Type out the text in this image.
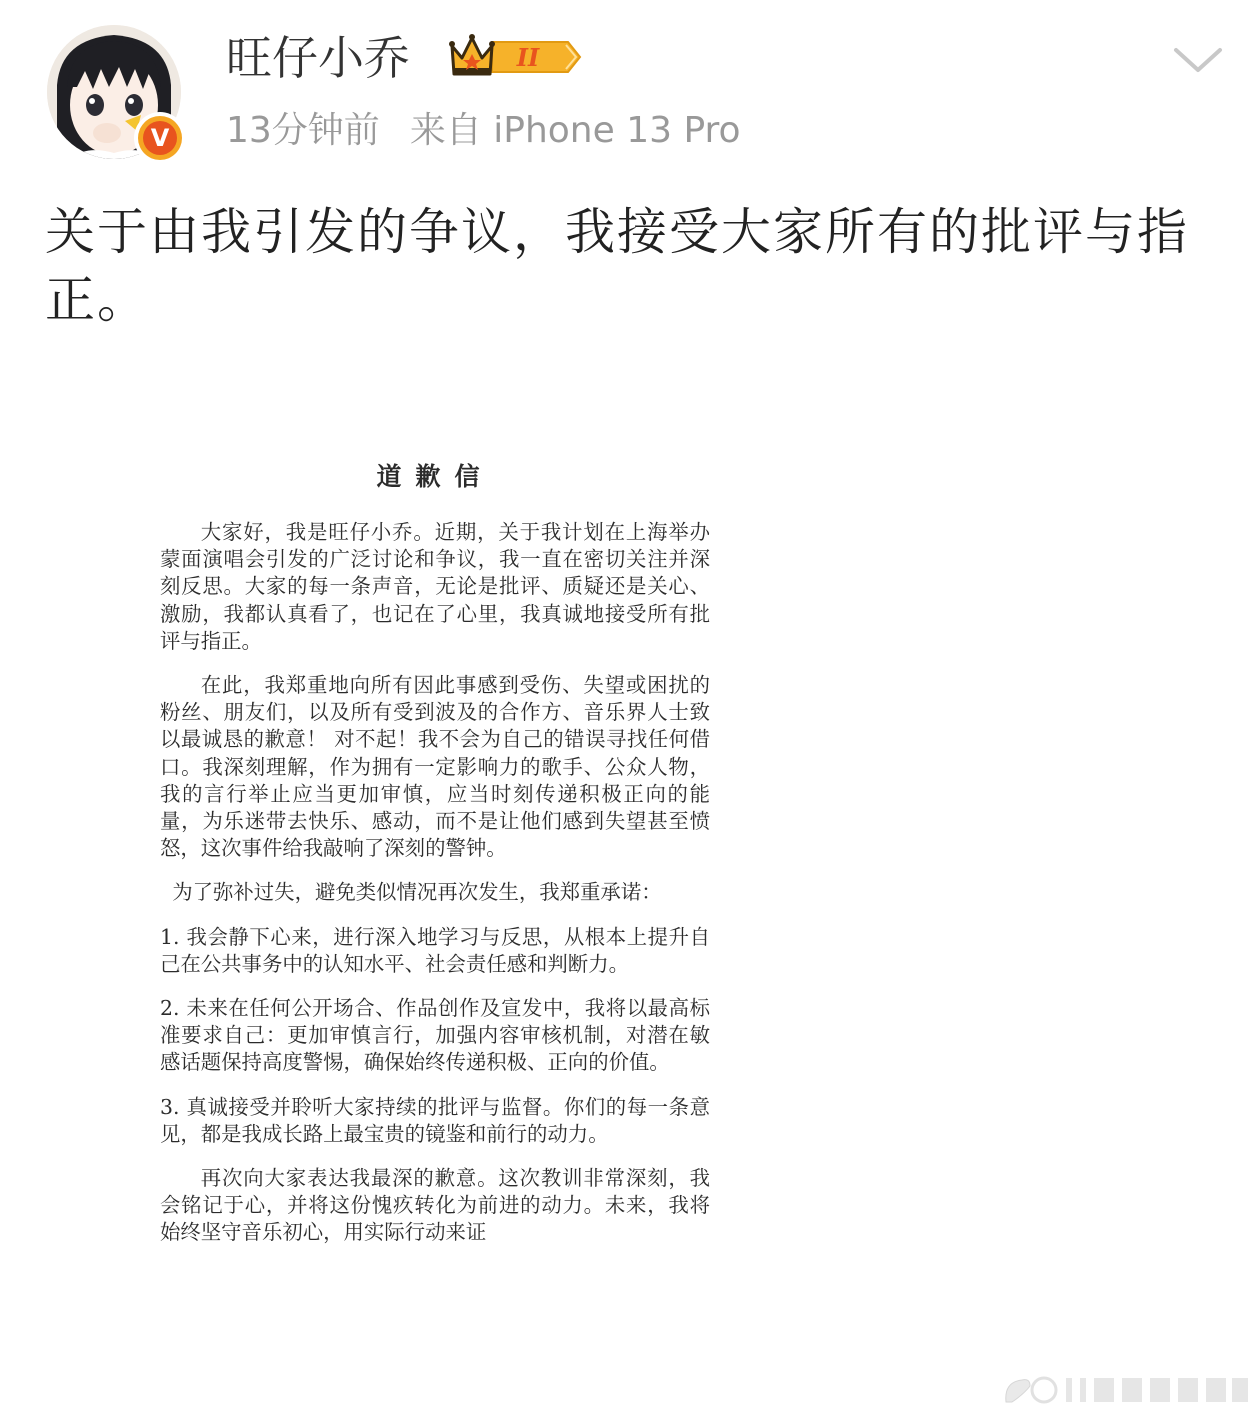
V
旺仔小乔	II
13分钟前 来自 iPhone 13 Pro
关于由我引发的争议，我接受大家所有的批评与指正。
道歉信

大家好，我是旺仔小乔。近期，关于我计划在上海举办蒙面演唱会引发的广泛讨论和争议，我一直在密切关注并深刻反思。大家的每一条声音，无论是批评、质疑还是关心、激励，我都认真看了，也记在了心里，我真诚地接受所有批评与指正。

在此，我郑重地向所有因此事感到受伤、失望或困扰的粉丝、朋友们，以及所有受到波及的合作方、音乐界人士致以最诚恳的歉意！ 对不起！我不会为自己的错误寻找任何借口。我深刻理解，作为拥有一定影响力的歌手、公众人物，我的言行举止应当更加审慎，应当时刻传递积极正向的能量，为乐迷带去快乐、感动，而不是让他们感到失望甚至愤怒，这次事件给我敲响了深刻的警钟。

为了弥补过失，避免类似情况再次发生，我郑重承诺：

1. 我会静下心来，进行深入地学习与反思，从根本上提升自己在公共事务中的认知水平、社会责任感和判断力。

2. 未来在任何公开场合、作品创作及宣发中，我将以最高标准要求自己：更加审慎言行，加强内容审核机制，对潜在敏感话题保持高度警惕，确保始终传递积极、正向的价值。

3. 真诚接受并聆听大家持续的批评与监督。你们的每一条意见，都是我成长路上最宝贵的镜鉴和前行的动力。

再次向大家表达我最深的歉意。这次教训非常深刻，我会铭记于心，并将这份愧疚转化为前进的动力。未来，我将始终坚守音乐初心，用实际行动来证
